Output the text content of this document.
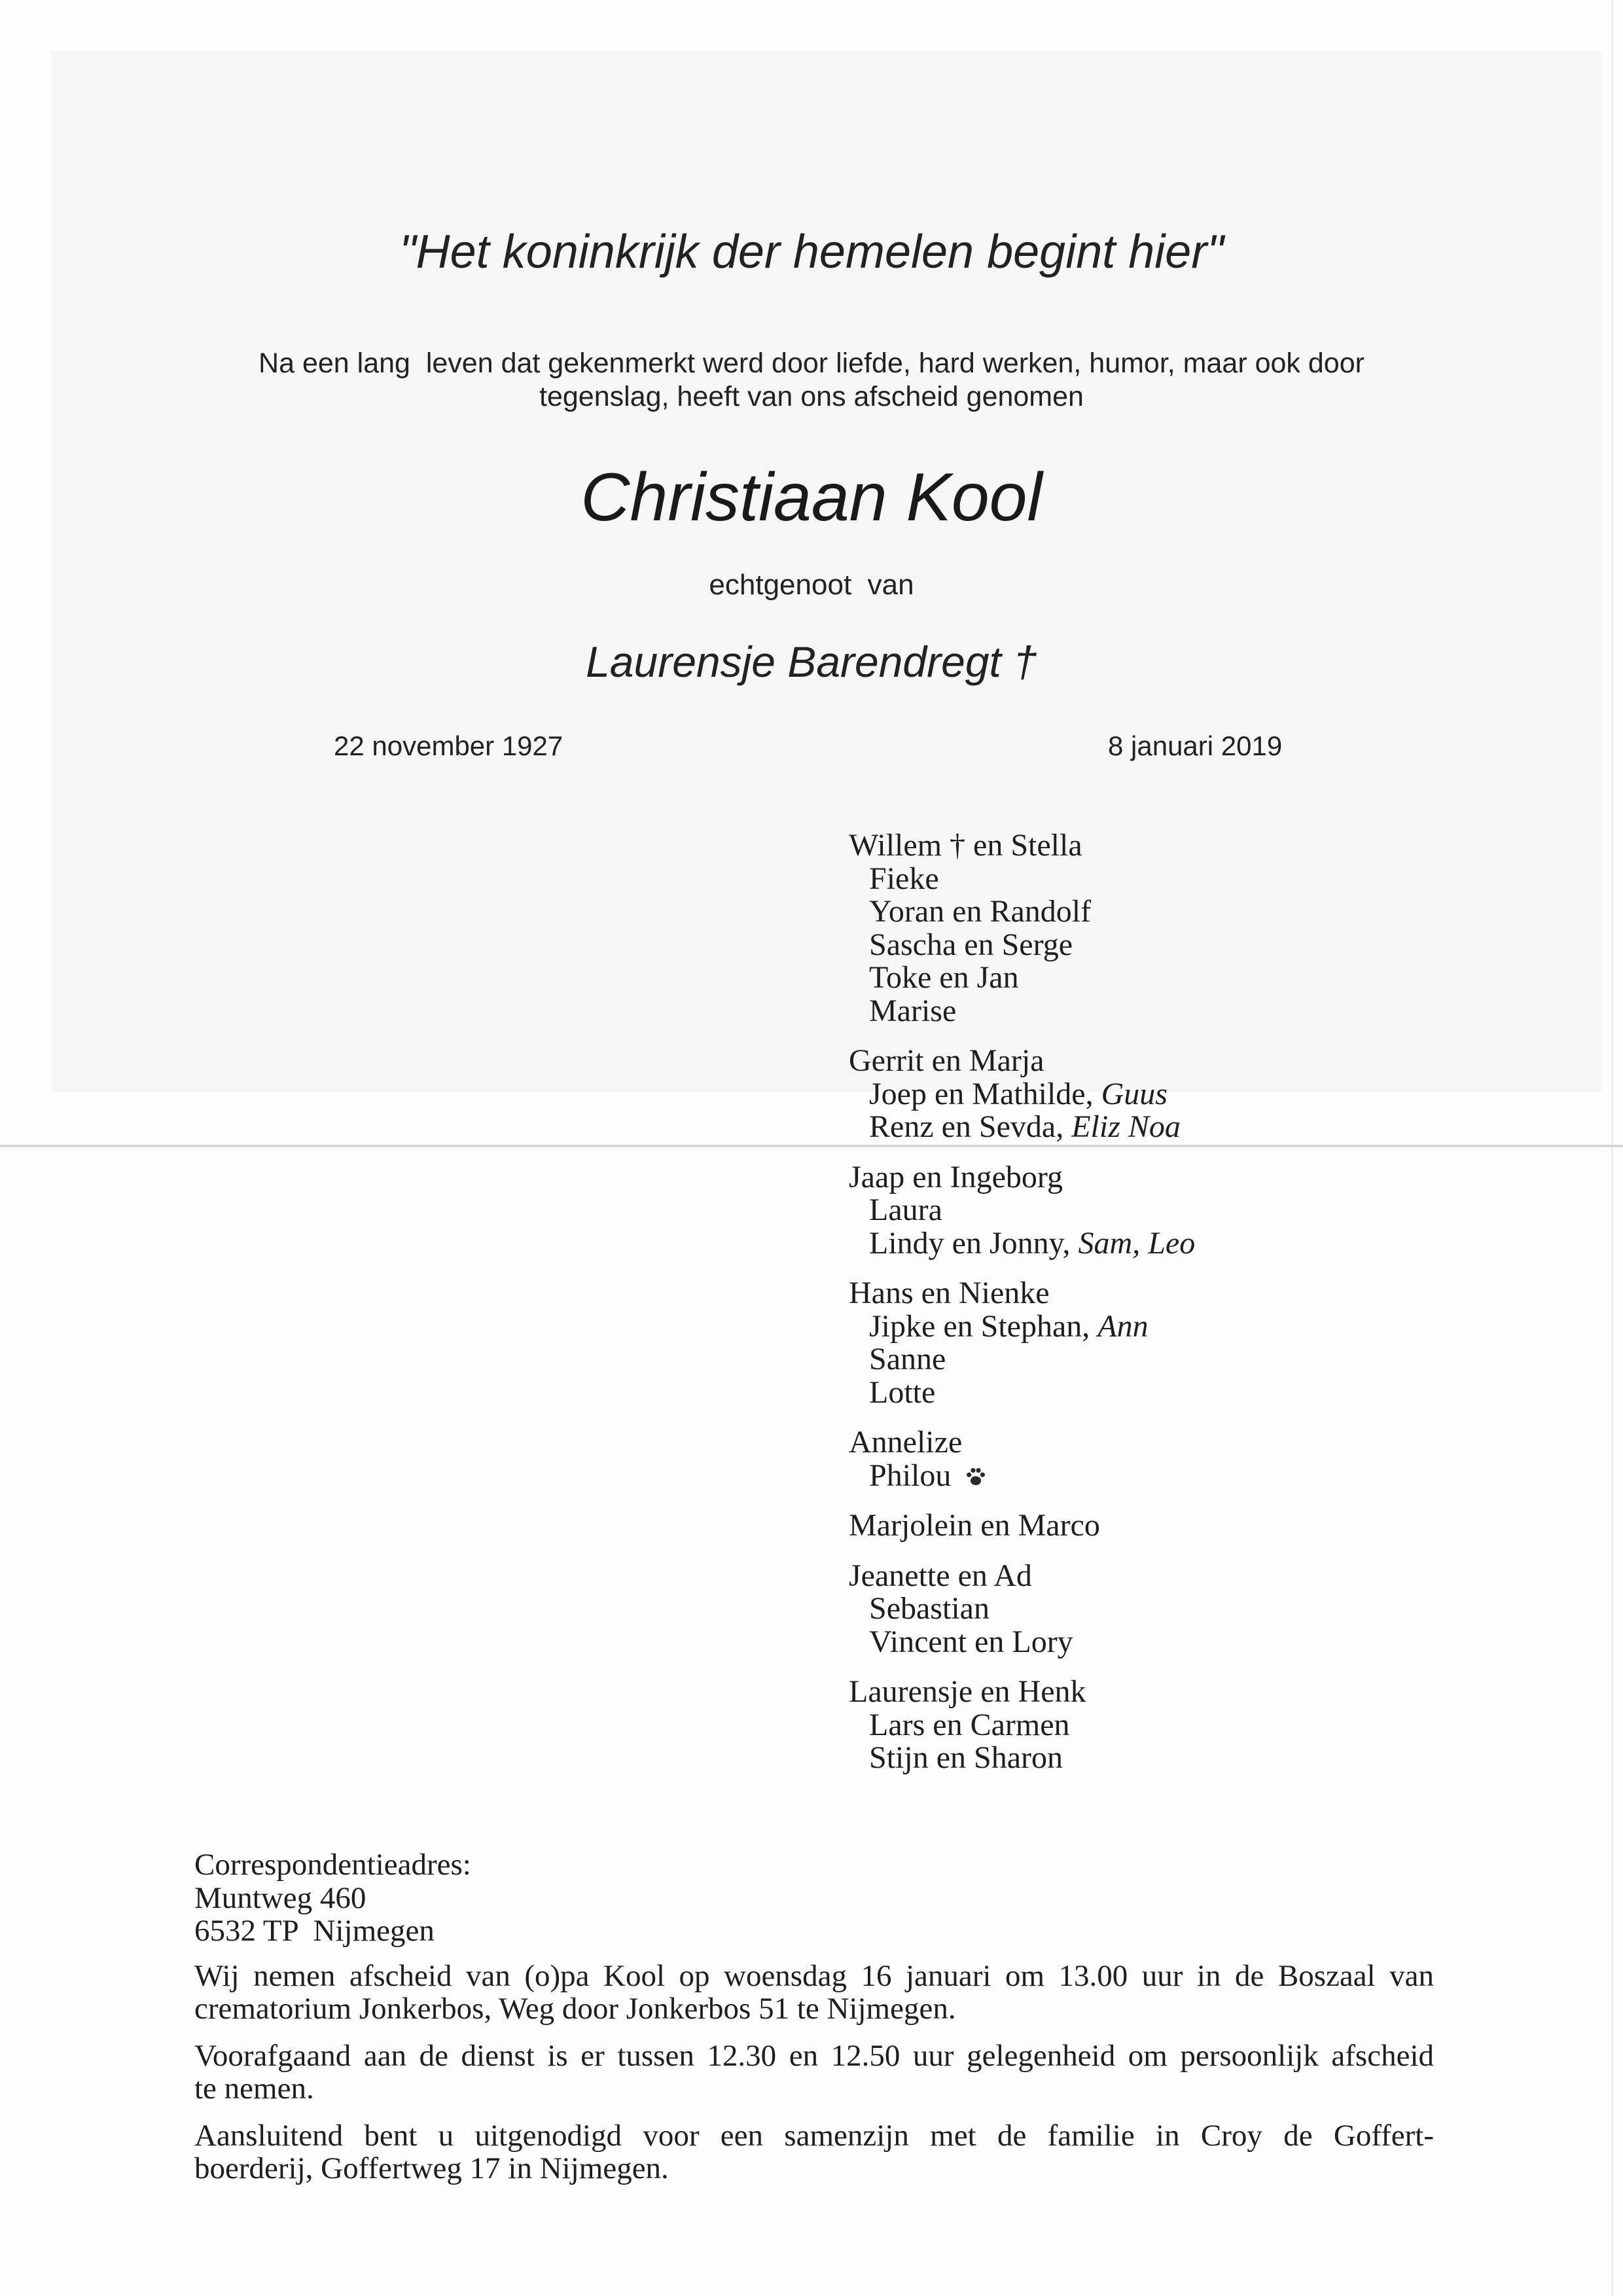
"Het koninkrijk der hemelen begint hier"
Na een lang  leven dat gekenmerkt werd door liefde, hard werken, humor, maar ook door
tegenslag, heeft van ons afscheid genomen
Christiaan Kool
echtgenoot  van
Laurensje Barendregt †
22 november 1927	8 januari 2019
Willem † en Stella
Fieke
Yoran en Randolf
Sascha en Serge
Toke en Jan
Marise
Gerrit en Marja
Joep en Mathilde, Guus
Renz en Sevda, Eliz Noa
Jaap en Ingeborg
Laura
Lindy en Jonny, Sam, Leo
Hans en Nienke
Jipke en Stephan, Ann
Sanne
Lotte
Annelize
Philou
Marjolein en Marco
Jeanette en Ad
Sebastian
Vincent en Lory
Laurensje en Henk
Lars en Carmen
Stijn en Sharon
Correspondentieadres:
Muntweg 460
6532 TP  Nijmegen
Wij nemen afscheid van (o)pa Kool op woensdag 16 januari om 13.00 uur in de Boszaal van
crematorium Jonkerbos, Weg door Jonkerbos 51 te Nijmegen.
Voorafgaand aan de dienst is er tussen 12.30 en 12.50 uur gelegenheid om persoonlijk afscheid
te nemen.
Aansluitend bent u uitgenodigd voor een samenzijn met de familie in Croy de Goffert-
boerderij, Goffertweg 17 in Nijmegen.
